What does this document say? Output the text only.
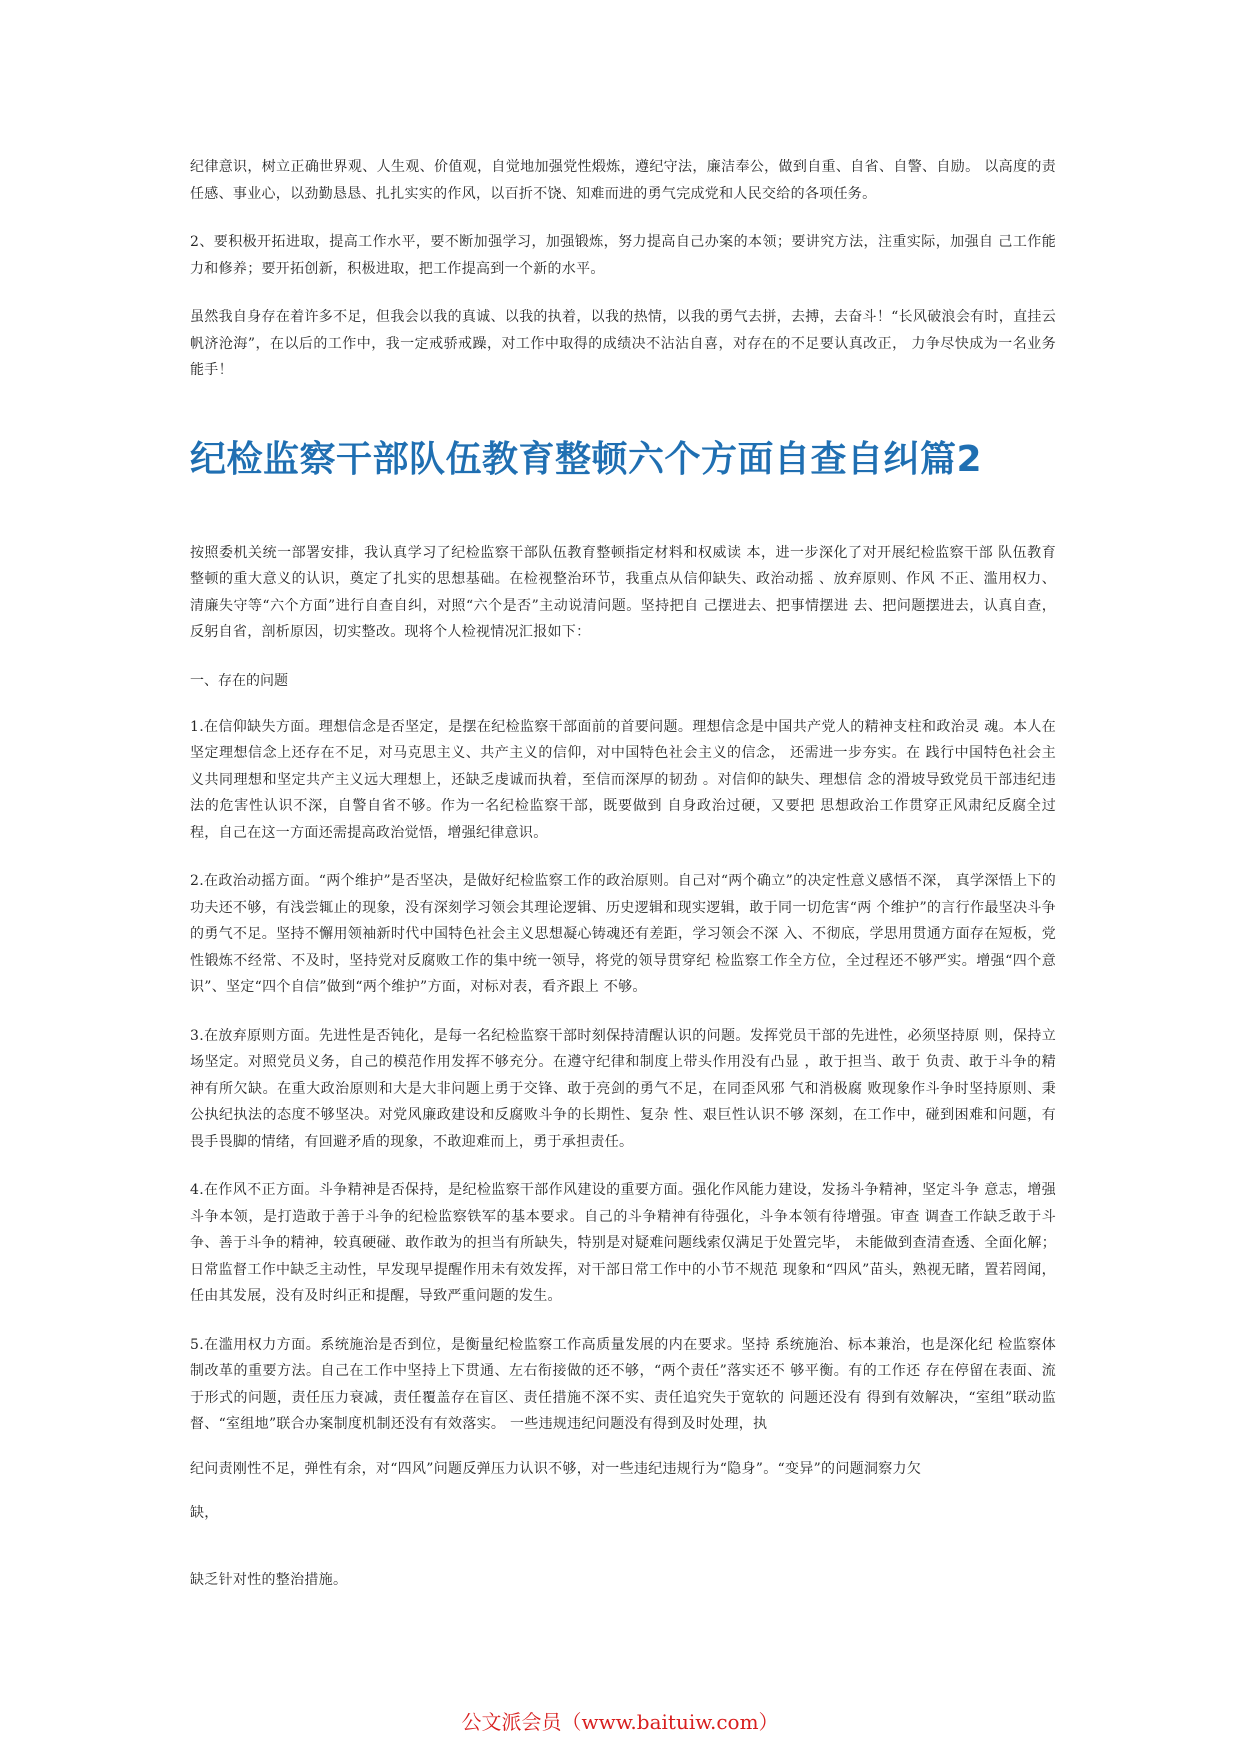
纪律意识，树立正确世界观、人生观、价值观，自觉地加强党性煅炼，遵纪守法，廉洁奉公，做到自重、自省、自警、自励。 以高度的责任感、事业心，以劲勤恳恳、扎扎实实的作风，以百折不饶、知难而进的勇气完成党和人民交给的各项任务。

2、要积极开拓进取，提高工作水平，要不断加强学习，加强锻炼，努力提高自己办案的本领；要讲究方法，注重实际，加强自 己工作能力和修养；要开拓创新，积极进取，把工作提高到一个新的水平。

虽然我自身存在着许多不足，但我会以我的真诚、以我的执着，以我的热情，以我的勇气去拼，去搏，去奋斗！“长风破浪会有时，直挂云帆济沧海”，在以后的工作中，我一定戒骄戒躁，对工作中取得的成绩决不沾沾自喜，对存在的不足要认真改正， 力争尽快成为一名业务能手！

纪检监察干部队伍教育整顿六个方面自查自纠篇2

按照委机关统一部署安排，我认真学习了纪检监察干部队伍教育整顿指定材料和权威读 本，进一步深化了对开展纪检监察干部 队伍教育整顿的重大意义的认识，奠定了扎实的思想基础。在检视整治环节，我重点从信仰缺失、政治动摇 、放弃原则、作风 不正、滥用权力、清廉失守等“六个方面”进行自查自纠，对照“六个是否”主动说清问题。坚持把自 己摆进去、把事情摆进 去、把问题摆进去，认真自查，反躬自省，剖析原因，切实整改。现将个人检视情况汇报如下：

一、存在的问题

1.在信仰缺失方面。理想信念是否坚定，是摆在纪检监察干部面前的首要问题。理想信念是中国共产党人的精神支柱和政治灵 魂。本人在坚定理想信念上还存在不足，对马克思主义、共产主义的信仰，对中国特色社会主义的信念， 还需进一步夯实。在 践行中国特色社会主义共同理想和坚定共产主义远大理想上，还缺乏虔诚而执着，至信而深厚的韧劲 。对信仰的缺失、理想信 念的滑坡导致党员干部违纪违法的危害性认识不深，自警自省不够。作为一名纪检监察干部，既要做到 自身政治过硬，又要把 思想政治工作贯穿正风肃纪反腐全过程，自己在这一方面还需提高政治觉悟，增强纪律意识。

2.在政治动摇方面。“两个维护”是否坚决，是做好纪检监察工作的政治原则。自己对“两个确立”的决定性意义感悟不深， 真学深悟上下的功夫还不够，有浅尝辄止的现象，没有深刻学习领会其理论逻辑、历史逻辑和现实逻辑，敢于同一切危害“两 个维护”的言行作最坚决斗争的勇气不足。坚持不懈用领袖新时代中国特色社会主义思想凝心铸魂还有差距，学习领会不深 入、不彻底，学思用贯通方面存在短板，党性锻炼不经常、不及时，坚持党对反腐败工作的集中统一领导，将党的领导贯穿纪 检监察工作全方位，全过程还不够严实。增强“四个意识”、坚定“四个自信”做到“两个维护”方面，对标对表，看齐跟上 不够。

3.在放弃原则方面。先进性是否钝化，是每一名纪检监察干部时刻保持清醒认识的问题。发挥党员干部的先进性，必须坚持原 则，保持立场坚定。对照党员义务，自己的模范作用发挥不够充分。在遵守纪律和制度上带头作用没有凸显 ，敢于担当、敢于 负责、敢于斗争的精神有所欠缺。在重大政治原则和大是大非问题上勇于交锋、敢于亮剑的勇气不足，在同歪风邪 气和消极腐 败现象作斗争时坚持原则、秉公执纪执法的态度不够坚决。对党风廉政建设和反腐败斗争的长期性、复杂 性、艰巨性认识不够 深刻，在工作中，碰到困难和问题，有畏手畏脚的情绪，有回避矛盾的现象，不敢迎难而上，勇于承担责任。

4.在作风不正方面。斗争精神是否保持，是纪检监察干部作风建设的重要方面。强化作风能力建设，发扬斗争精神，坚定斗争 意志，增强斗争本领，是打造敢于善于斗争的纪检监察铁军的基本要求。自己的斗争精神有待强化，斗争本领有待增强。审查 调查工作缺乏敢于斗争、善于斗争的精神，较真硬碰、敢作敢为的担当有所缺失，特别是对疑难问题线索仅满足于处置完毕， 未能做到查清查透、全面化解；日常监督工作中缺乏主动性，早发现早提醒作用未有效发挥，对干部日常工作中的小节不规范 现象和“四风”苗头，熟视无睹，置若罔闻，任由其发展，没有及时纠正和提醒，导致严重问题的发生。

5.在滥用权力方面。系统施治是否到位，是衡量纪检监察工作高质量发展的内在要求。坚持 系统施治、标本兼治，也是深化纪 检监察体制改革的重要方法。自己在工作中坚持上下贯通、左右衔接做的还不够，“两个责任”落实还不 够平衡。有的工作还 存在停留在表面、流于形式的问题，责任压力衰减，责任覆盖存在盲区、责任措施不深不实、责任追究失于宽软的 问题还没有 得到有效解决，“室组”联动监督、“室组地”联合办案制度机制还没有有效落实。 一些违规违纪问题没有得到及时处理，执

纪问责刚性不足，弹性有余，对“四风”问题反弹压力认识不够，对一些违纪违规行为“隐身”。“变异”的问题洞察力欠

缺，

缺乏针对性的整治措施。

公文派会员（www.baituiw.com）
